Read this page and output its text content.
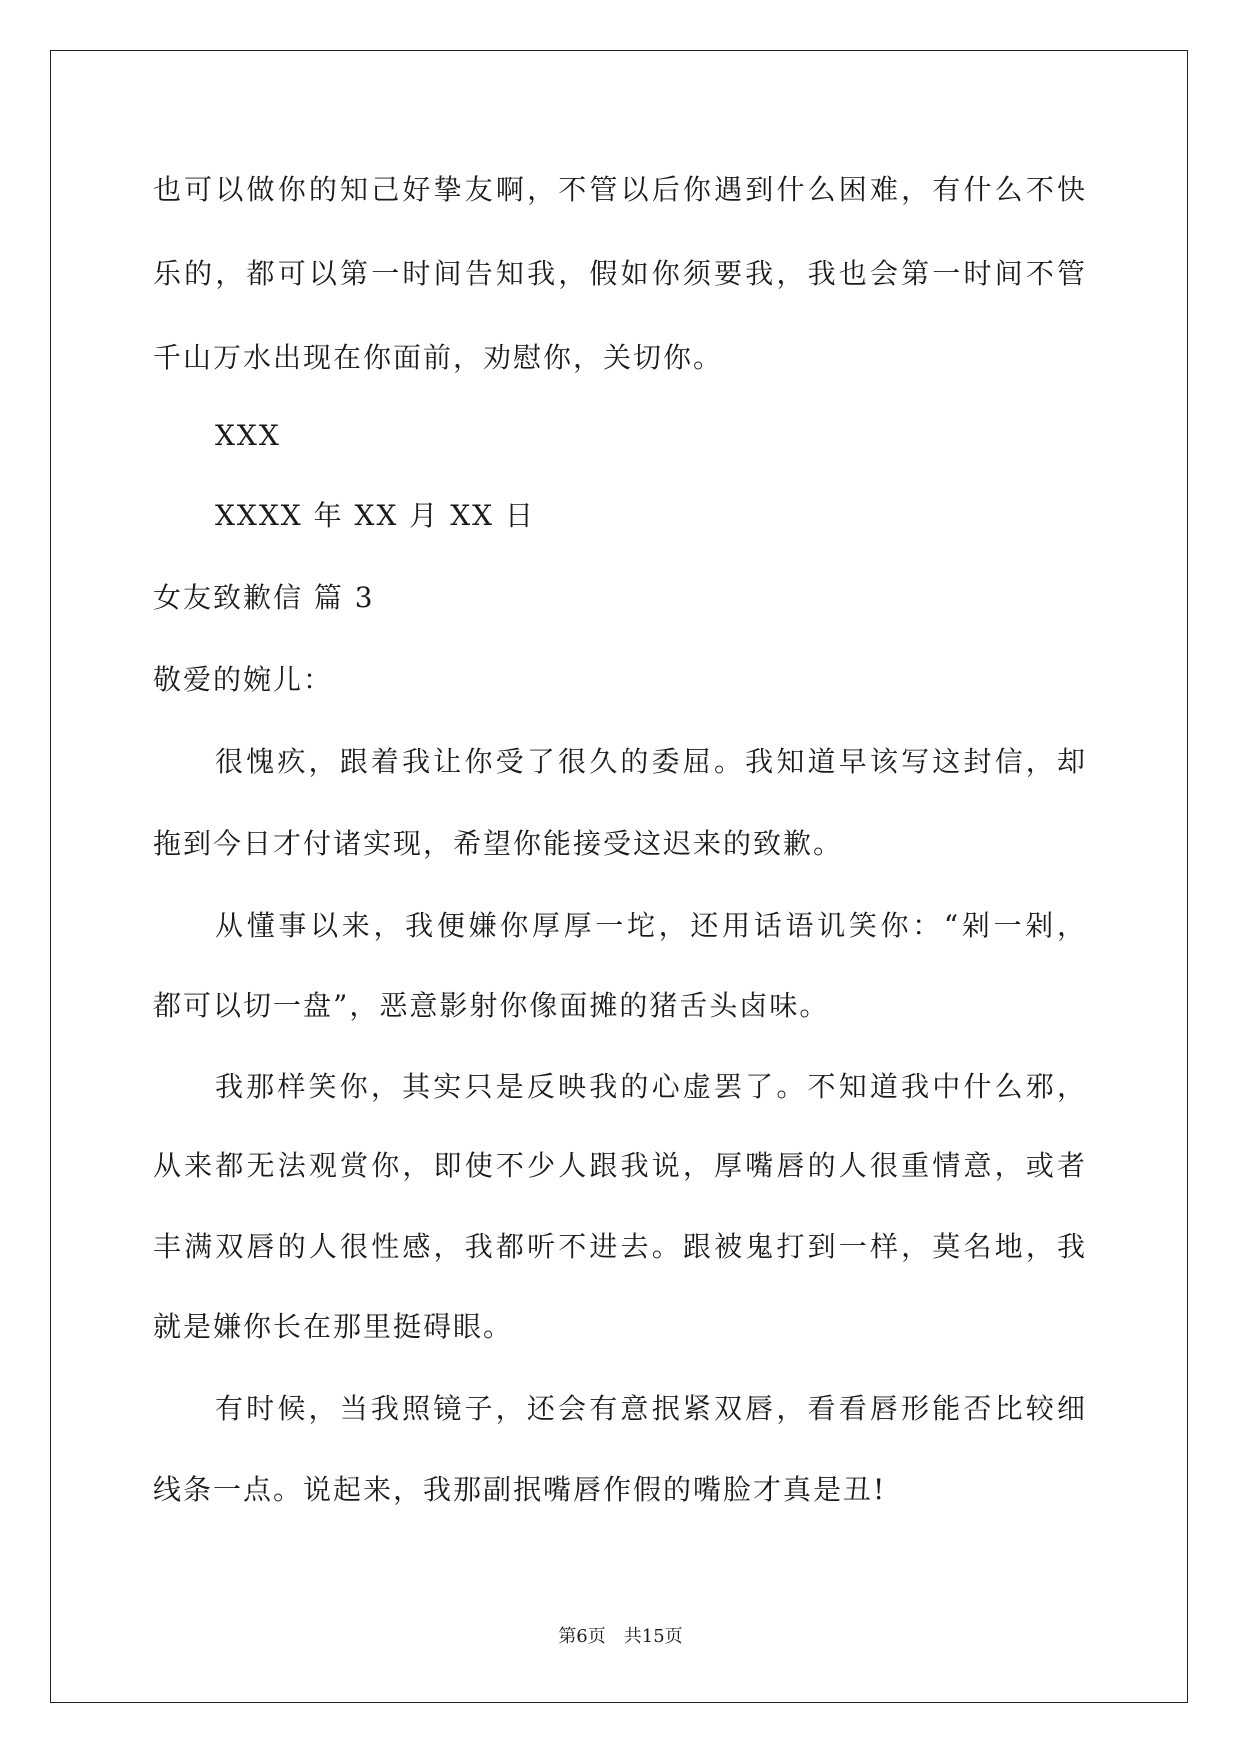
也可以做你的知己好挚友啊，不管以后你遇到什么困难，有什么不快
乐的，都可以第一时间告知我，假如你须要我，我也会第一时间不管
千山万水出现在你面前，劝慰你，关切你。
XXX
XXXX 年 XX 月 XX 日
女友致歉信 篇 3
敬爱的婉儿：
很愧疚，跟着我让你受了很久的委屈。我知道早该写这封信，却
拖到今日才付诸实现，希望你能接受这迟来的致歉。
从懂事以来，我便嫌你厚厚一坨，还用话语讥笑你：“剁一剁，
都可以切一盘”，恶意影射你像面摊的猪舌头卤味。
我那样笑你，其实只是反映我的心虚罢了。不知道我中什么邪，
从来都无法观赏你，即使不少人跟我说，厚嘴唇的人很重情意，或者
丰满双唇的人很性感，我都听不进去。跟被鬼打到一样，莫名地，我
就是嫌你长在那里挺碍眼。
有时候，当我照镜子，还会有意抿紧双唇，看看唇形能否比较细
线条一点。说起来，我那副抿嘴唇作假的嘴脸才真是丑!
第6页　共15页
